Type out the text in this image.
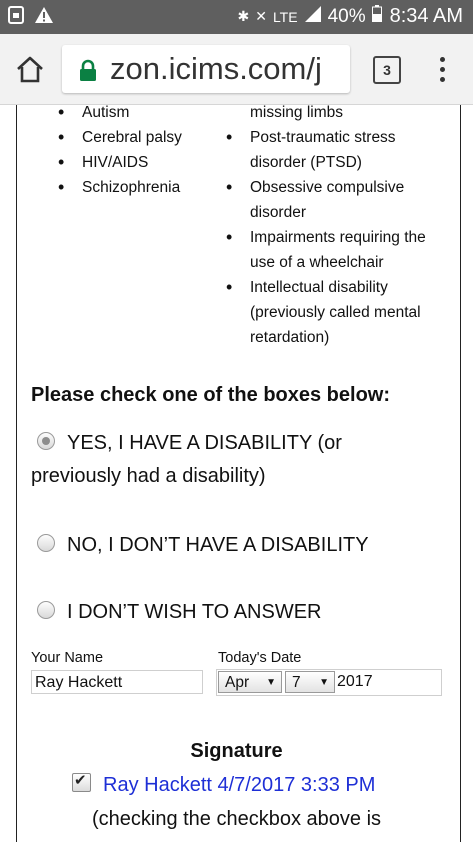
✱ ✕ LTE 40% 8:34 AM
zon.icims.com/j	3
• Autism
• Cerebral palsy
• HIV/AIDS
• Schizophrenia
missing limbs
• Post-traumatic stress
disorder (PTSD)
• Obsessive compulsive
disorder
• Impairments requiring the
use of a wheelchair
• Intellectual disability
(previously called mental
retardation)
Please check one of the boxes below:
YES, I HAVE A DISABILITY (or
previously had a disability)
NO, I DON’T HAVE A DISABILITY
I DON’T WISH TO ANSWER
Your Name	Today's Date
Ray Hackett	Apr ▼	7 ▼ 2017
Signature
✔Ray Hackett 4/7/2017 3:33 PM
(checking the checkbox above is
